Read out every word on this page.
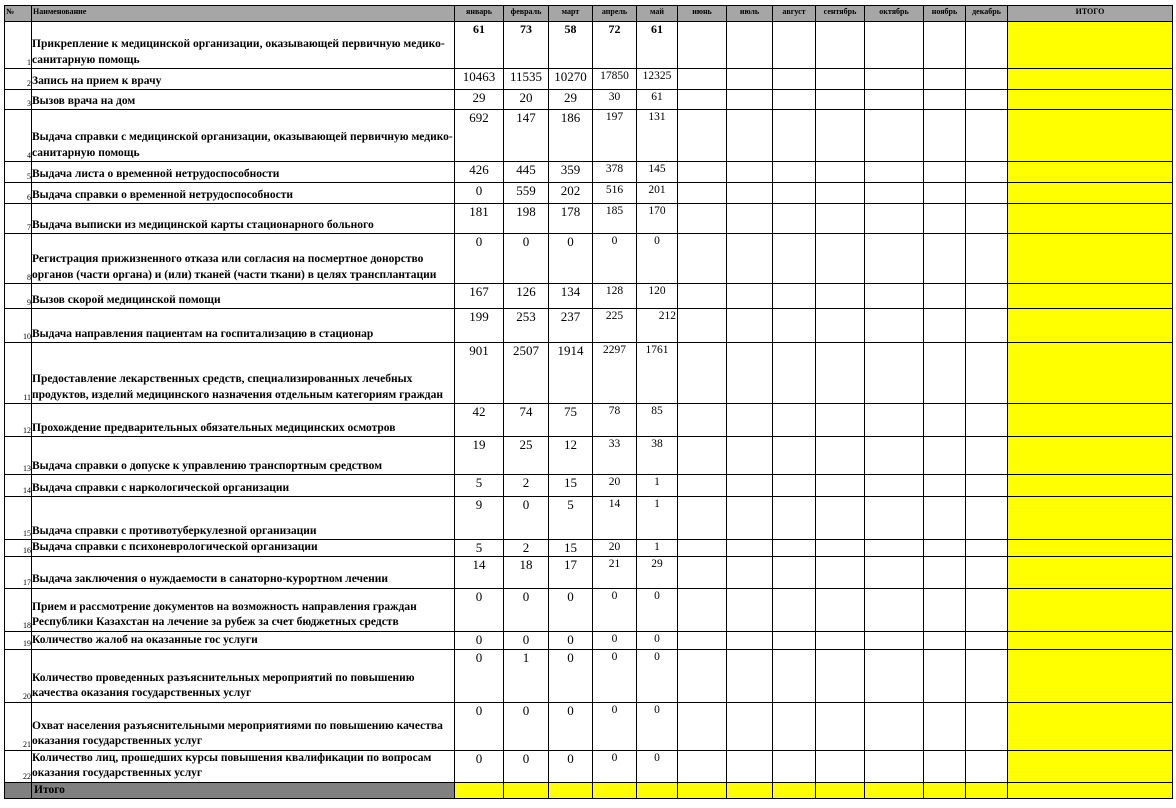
№	Наименование	январь	февраль	март	апрель	май	июнь	июль	август	сентябрь	октябрь	ноябрь	декабрь	ИТОГО
1	Прикрепление к медицинской организации, оказывающей первичную медико-санитарную помощь	61	73	58	72	61								
2	Запись на прием к врачу	10463	11535	10270	17850	12325								
3	Вызов врача на дом	29	20	29	30	61								
4	Выдача справки с медицинской организации, оказывающей первичную медико-санитарную помощь	692	147	186	197	131								
5	Выдача листа о временной нетрудоспособности	426	445	359	378	145								
6	Выдача справки о временной нетрудоспособности	0	559	202	516	201								
7	Выдача выписки из медицинской карты стационарного больного	181	198	178	185	170								
8	Регистрация прижизненного отказа или согласия на посмертное донорство органов (части органа) и (или) тканей (части ткани) в целях трансплантации	0	0	0	0	0								
9	Вызов скорой медицинской помощи	167	126	134	128	120								
10	Выдача направления пациентам на госпитализацию в стационар	199	253	237	225	212								
11	Предоставление лекарственных средств, специализированных лечебных продуктов, изделий медицинского назначения отдельным категориям граждан	901	2507	1914	2297	1761								
12	Прохождение предварительных обязательных медицинских осмотров	42	74	75	78	85								
13	Выдача справки о допуске к управлению транспортным средством	19	25	12	33	38								
14	Выдача справки с наркологической организации	5	2	15	20	1								
15	Выдача справки с противотуберкулезной организации	9	0	5	14	1								
16	Выдача справки с психоневрологической организации	5	2	15	20	1								
17	Выдача заключения о нуждаемости в санаторно-курортном лечении	14	18	17	21	29								
18	Прием и рассмотрение документов на возможность направления граждан Республики Казахстан на лечение за рубеж за счет бюджетных средств	0	0	0	0	0								
19	Количество жалоб на оказанные гос услуги	0	0	0	0	0								
20	Количество проведенных разъяснительных мероприятий по повышению качества оказания государственных услуг	0	1	0	0	0								
21	Охват населения разъяснительными мероприятиями по повышению качества оказания государственных услуг	0	0	0	0	0								
22	Количество лиц, прошедших курсы повышения квалификации по вопросам оказания государственных услуг	0	0	0	0	0								
	Итого													
